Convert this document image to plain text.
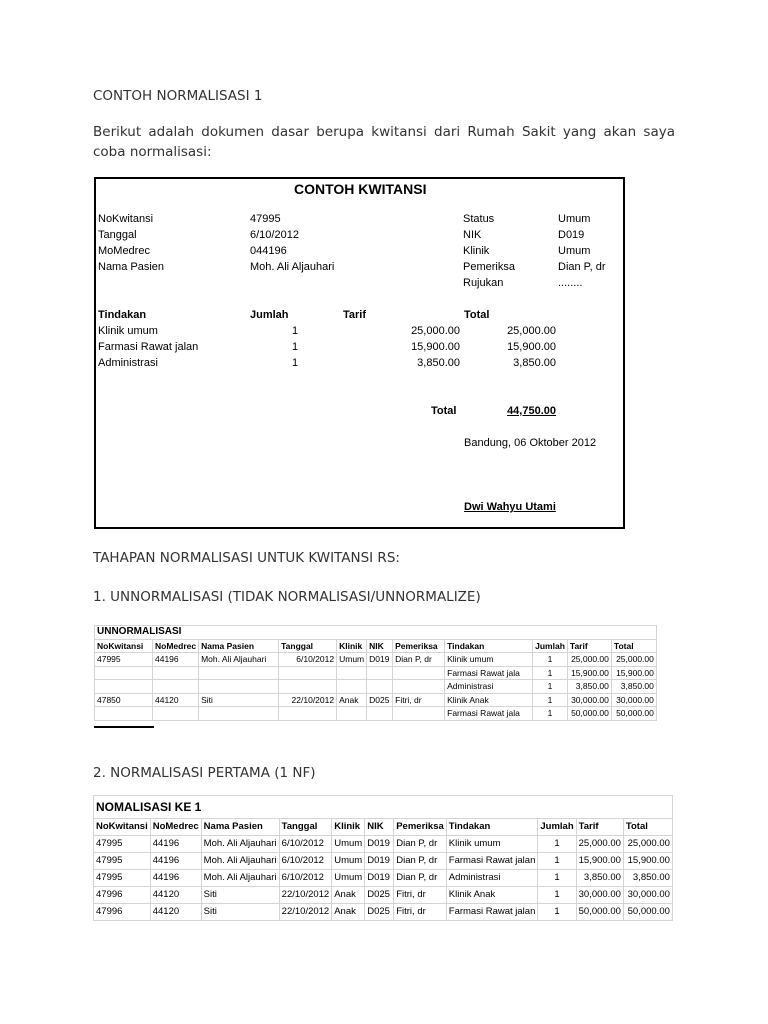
CONTOH NORMALISASI 1

Berikut adalah dokumen dasar berupa kwitansi dari Rumah Sakit yang akan saya coba normalisasi:

CONTOH KWITANSI
NoKwitansi	47995
Tanggal	6/10/2012
MoMedrec	044196
Nama Pasien	Moh. Ali Aljauhari
Status	Umum
NIK	D019
Klinik	Umum
Pemeriksa	Dian P, dr
Rujukan	........
Tindakan	Jumlah	Tarif	Total
Klinik umum	1	25,000.00	25,000.00
Farmasi Rawat jalan	1	15,900.00	15,900.00
Administrasi	1	3,850.00	3,850.00
Total	44,750.00
Bandung, 06 Oktober 2012
Dwi Wahyu Utami

TAHAPAN NORMALISASI UNTUK KWITANSI RS:

1. UNNORMALISASI (TIDAK NORMALISASI/UNNORMALIZE)

UNNORMALISASI										
NoKwitansi	NoMedrec	Nama Pasien	Tanggal	Klinik	NIK	Pemeriksa	Tindakan	Jumlah	Tarif	Total
47995	44196	Moh. Ali Aljauhari	6/10/2012	Umum	D019	Dian P, dr	Klinik umum	1	25,000.00	25,000.00
							Farmasi Rawat jala	1	15,900.00	15,900.00
							Administrasi	1	3,850.00	3,850.00
47850	44120	Siti	22/10/2012	Anak	D025	Fitri, dr	Klinik Anak	1	30,000.00	30,000.00
							Farmasi Rawat jala	1	50,000.00	50,000.00

2. NORMALISASI PERTAMA (1 NF)

NOMALISASI KE 1										
NoKwitansi	NoMedrec	Nama Pasien	Tanggal	Klinik	NIK	Pemeriksa	Tindakan	Jumlah	Tarif	Total
47995	44196	Moh. Ali Aljauhari	6/10/2012	Umum	D019	Dian P, dr	Klinik umum	1	25,000.00	25,000.00
47995	44196	Moh. Ali Aljauhari	6/10/2012	Umum	D019	Dian P, dr	Farmasi Rawat jalan	1	15,900.00	15,900.00
47995	44196	Moh. Ali Aljauhari	6/10/2012	Umum	D019	Dian P, dr	Administrasi	1	3,850.00	3,850.00
47996	44120	Siti	22/10/2012	Anak	D025	Fitri, dr	Klinik Anak	1	30,000.00	30,000.00
47996	44120	Siti	22/10/2012	Anak	D025	Fitri, dr	Farmasi Rawat jalan	1	50,000.00	50,000.00
